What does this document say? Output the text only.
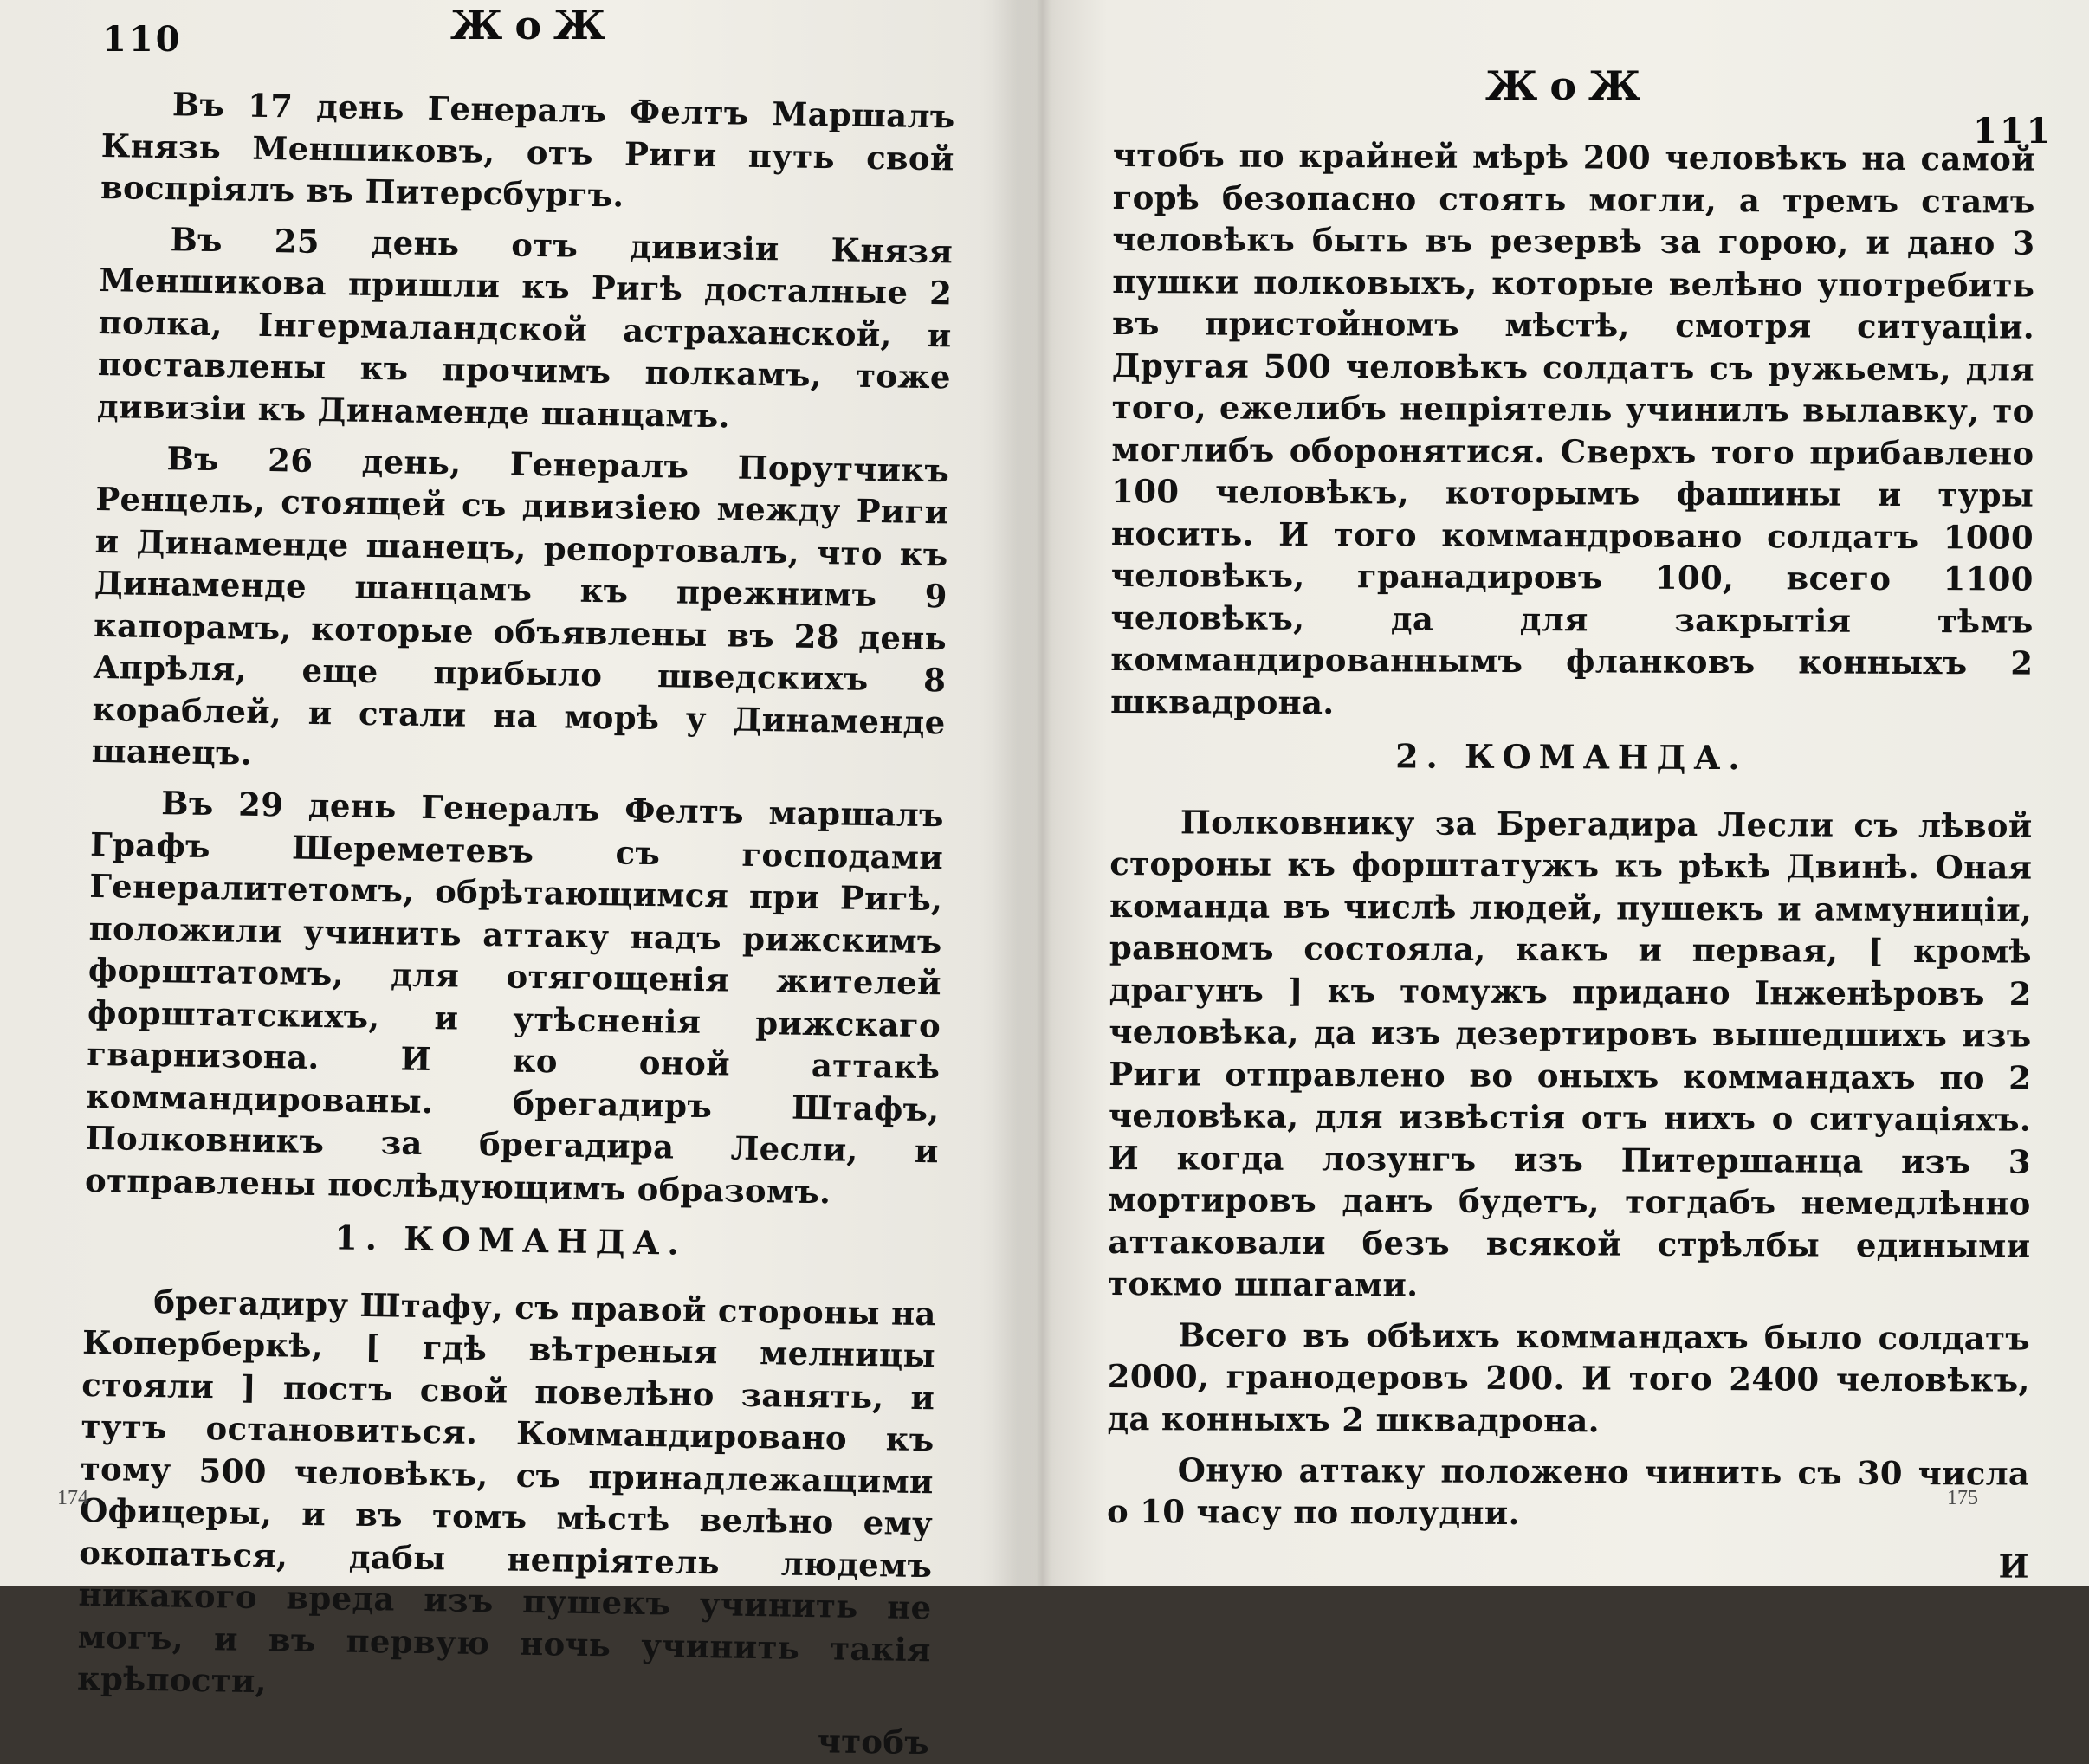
110	ЖoЖ

Въ 17 день Генералъ Фелтъ Маршалъ Князь Меншиковъ, отъ Риги путь свой воспріялъ въ Питерсбургъ.

Въ 25 день отъ дивизіи Князя Меншикова пришли къ Ригѣ досталные 2 полка, Інгермаландской астраханской, и поставлены къ прочимъ полкамъ, тоже дивизіи къ Динаменде шанцамъ.

Въ 26 день, Генералъ Порутчикъ Ренцель, стоящей съ дивизіею между Риги и Динаменде шанецъ, репортовалъ, что къ Динаменде шанцамъ къ прежнимъ 9 капорамъ, которые объявлены въ 28 день Апрѣля, еще прибыло шведскихъ 8 кораблей, и стали на морѣ у Динаменде шанецъ.

Въ 29 день Генералъ Фелтъ маршалъ Графъ Шереметевъ съ господами Генералитетомъ, обрѣтающимся при Ригѣ, положили учинить аттаку надъ рижскимъ форштатомъ, для отягощенія жителей форштатскихъ, и утѣсненія рижскаго гварнизона. И ко оной аттакѣ коммандированы. брегадиръ Штафъ, Полковникъ за брегадира Лесли, и отправлены послѣдующимъ образомъ.

1. КОМАНДА.

брегадиру Штафу, съ правой стороны на Коперберкѣ, [ гдѣ вѣтреныя мелницы стояли ] постъ свой повелѣно занять, и тутъ остановиться. Коммандировано къ тому 500 человѣкъ, съ принадлежащими Офицеры, и въ томъ мѣстѣ велѣно ему окопаться, дабы непріятель людемъ никакого вреда изъ пушекъ учинить не могъ, и въ первую ночь учинить такія крѣпости,

чтобъ
174
ЖoЖ
111

чтобъ по крайней мѣрѣ 200 человѣкъ на самой горѣ безопасно стоять могли, а тремъ стамъ человѣкъ быть въ резервѣ за горою, и дано 3 пушки полковыхъ, которые велѣно употребить въ пристойномъ мѣстѣ, смотря ситуаціи. Другая 500 человѣкъ солдатъ съ ружьемъ, для того, ежелибъ непріятель учинилъ вылавку, то моглибъ оборонятися. Сверхъ того прибавлено 100 человѣкъ, которымъ фашины и туры носить. И того коммандровано солдатъ 1000 человѣкъ, гранадировъ 100, всего 1100 человѣкъ, да для закрытія тѣмъ коммандированнымъ фланковъ конныхъ 2 шквадрона.

2. КОМАНДА.

Полковнику за Брегадира Лесли съ лѣвой стороны къ форштатужъ къ рѣкѣ Двинѣ. Оная команда въ числѣ людей, пушекъ и аммуниціи, равномъ состояла, какъ и первая, [ кромѣ драгунъ ] къ томужъ придано Інженѣровъ 2 человѣка, да изъ дезертировъ вышедшихъ изъ Риги отправлено во оныхъ коммандахъ по 2 человѣка, для извѣстія отъ нихъ о ситуаціяхъ. И когда лозунгъ изъ Питершанца изъ 3 мортировъ данъ будетъ, тогдабъ немедлѣнно аттаковали безъ всякой стрѣлбы едиными токмо шпагами.

Всего въ обѣихъ коммандахъ было солдатъ 2000, гранодеровъ 200. И того 2400 человѣкъ, да конныхъ 2 шквадрона.

Оную аттаку положено чинить съ 30 числа о 10 часу по полудни.

И
175
